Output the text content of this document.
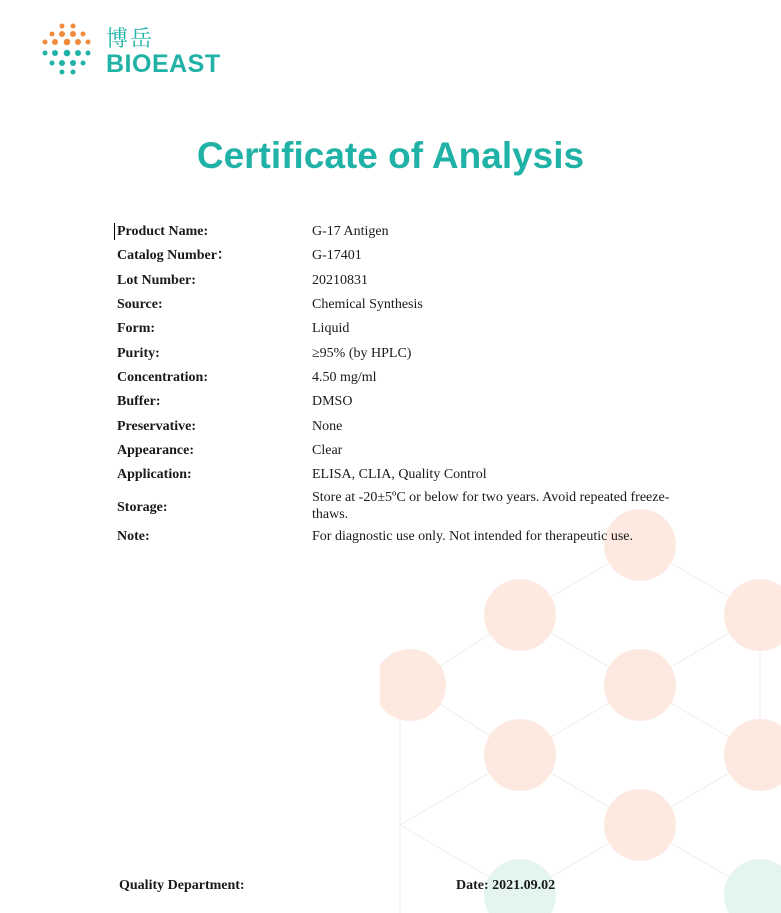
博岳
BIOEAST
Certificate of Analysis
Product Name:	G-17 Antigen
Catalog Number：	G-17401
Lot Number:	20210831
Source:	Chemical Synthesis
Form:	Liquid
Purity:	≥95% (by HPLC)
Concentration:	4.50 mg/ml
Buffer:	DMSO
Preservative:	None
Appearance:	Clear
Application:	ELISA, CLIA, Quality Control
Storage:
Store at -20±5ºC or below for two years. Avoid repeated freeze-thaws.
Note:	For diagnostic use only. Not intended for therapeutic use.
Quality Department:	Date: 2021.09.02
